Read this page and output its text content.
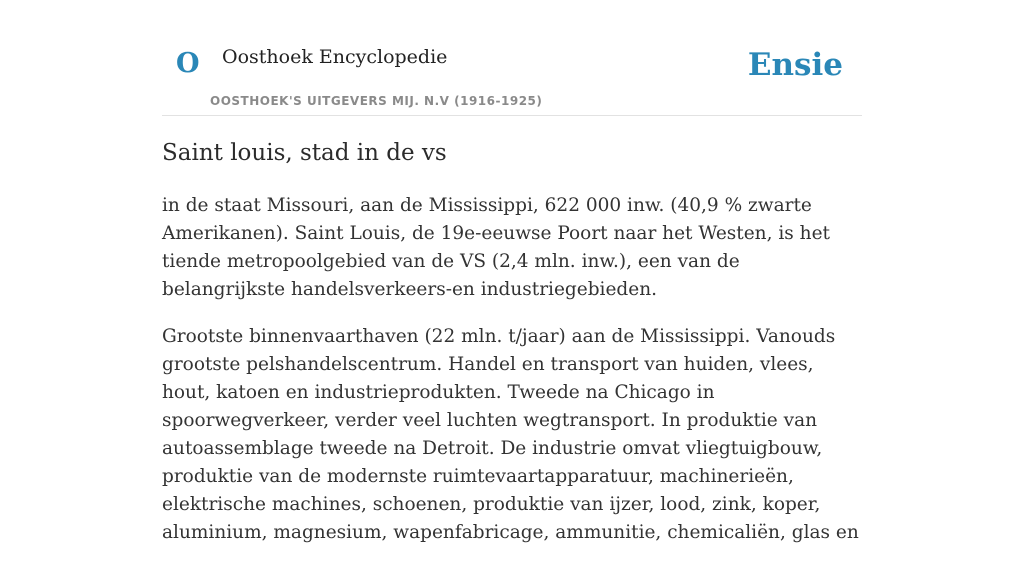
O Oosthoek Encyclopedie
OOSTHOEK'S UITGEVERS MIJ. N.V (1916-1925)
Ensie
Saint louis, stad in de vs

in de staat Missouri, aan de Mississippi, 622 000 inw. (40,9 % zwarte Amerikanen). Saint Louis, de 19e-eeuwse Poort naar het Westen, is het tiende metropoolgebied van de VS (2,4 mln. inw.), een van de belangrijkste handelsverkeers-en industriegebieden.

Grootste binnenvaarthaven (22 mln. t/jaar) aan de Mississippi. Vanouds grootste pelshandelscentrum. Handel en transport van huiden, vlees, hout, katoen en industrieprodukten. Tweede na Chicago in spoorwegverkeer, verder veel luchten wegtransport. In produktie van autoassemblage tweede na Detroit. De industrie omvat vliegtuigbouw, produktie van de modernste ruimtevaartapparatuur, machinerieën, elektrische machines, schoenen, produktie van ijzer, lood, zink, koper, aluminium, magnesium, wapenfabricage, ammunitie, chemicaliën, glas en
